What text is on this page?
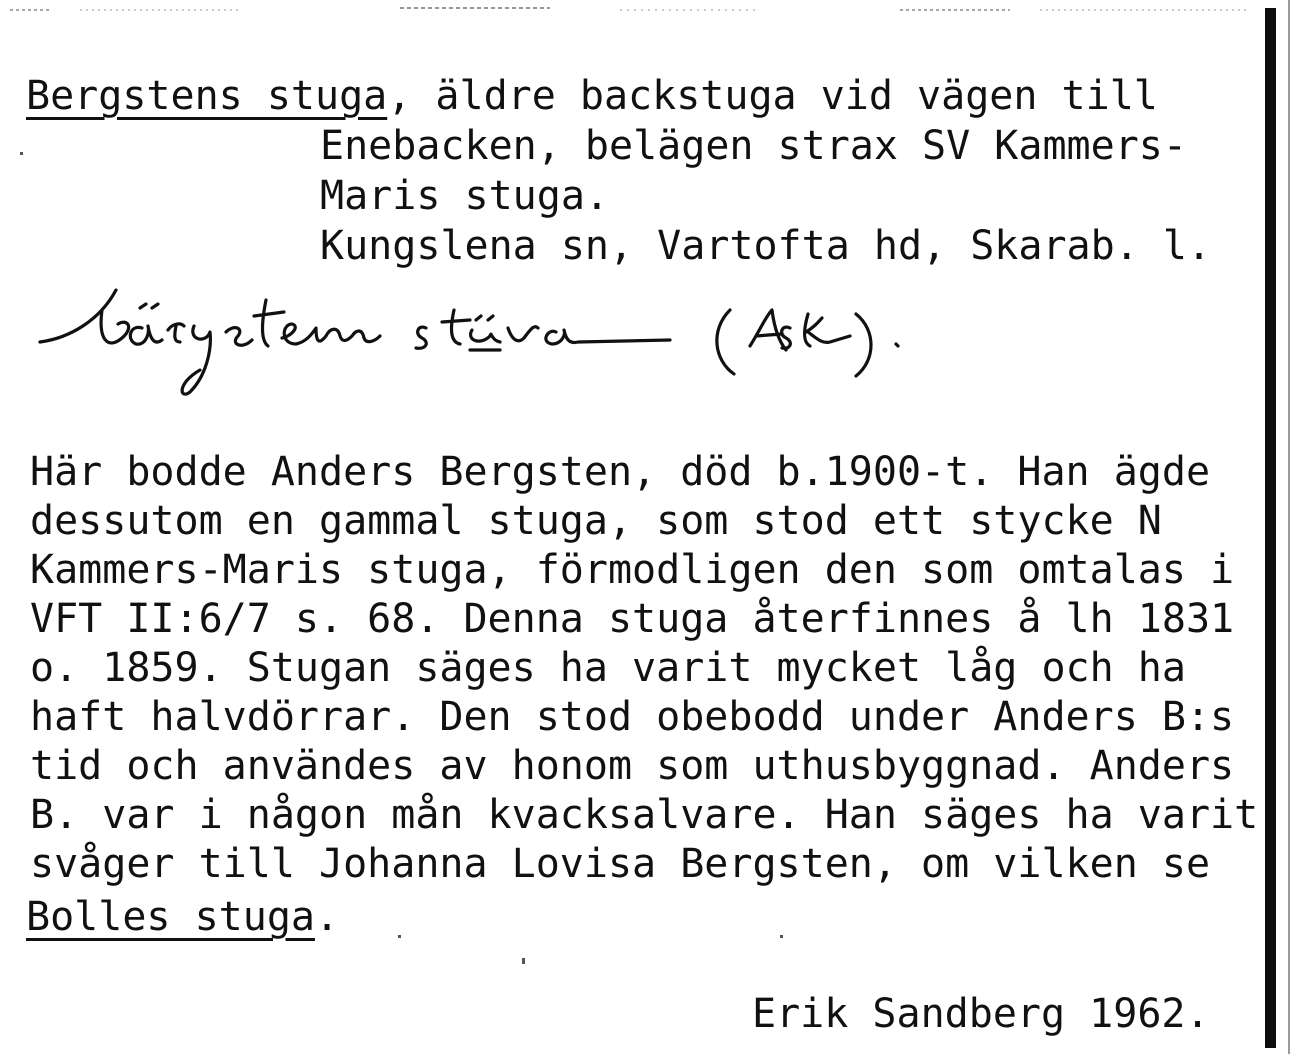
Bergstens stuga, äldre backstuga vid vägen till
Enebacken, belägen strax SV Kammers-
Maris stuga.
Kungslena sn, Vartofta hd, Skarab. l.
Här bodde Anders Bergsten, död b.1900-t. Han ägde
dessutom en gammal stuga, som stod ett stycke N
Kammers-Maris stuga, förmodligen den som omtalas i
VFT II:6/7 s. 68. Denna stuga återfinnes å lh 1831
o. 1859. Stugan säges ha varit mycket låg och ha
haft halvdörrar. Den stod obebodd under Anders B:s
tid och användes av honom som uthusbyggnad. Anders
B. var i någon mån kvacksalvare. Han säges ha varit
svåger till Johanna Lovisa Bergsten, om vilken se
Bolles stuga.
Erik Sandberg 1962.
